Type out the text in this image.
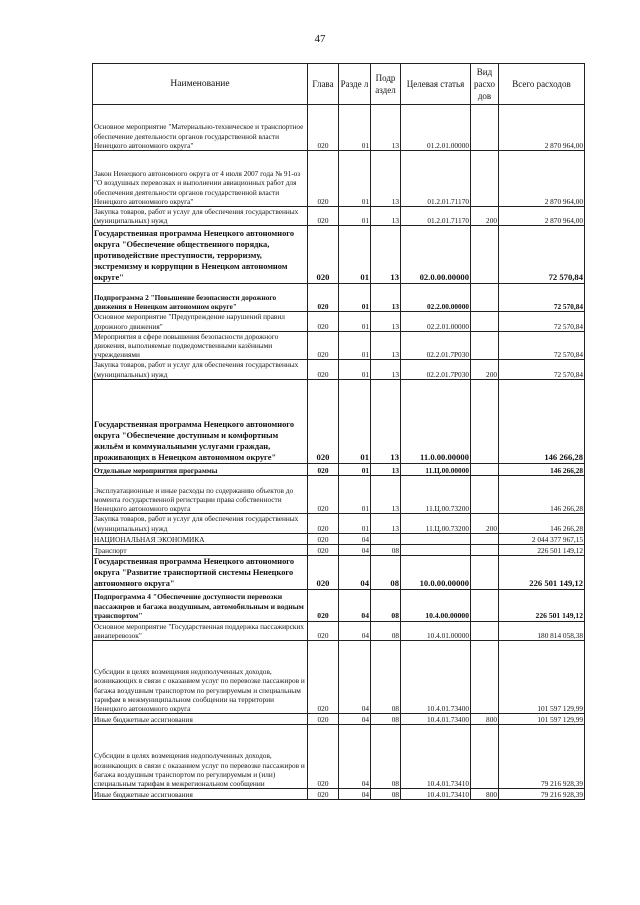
47
Наименование	Глава	Разде л	Подр аздел	Целевая статья	Вид расхо дов	Всего расходов
Основное мероприятие "Материально-техническое и транспортное обеспечение деятельности органов государственной власти Ненецкого автономного округа"	020	01	13	01.2.01.00000		2 870 964,00
Закон Ненецкого автономного округа от 4 июля 2007 года № 91-оз "О воздушных перевозках и выполнении авиационных работ для обеспечения деятельности органов государственной власти Ненецкого автономного округа"	020	01	13	01.2.01.71170		2 870 964,00
Закупка товаров, работ и услуг для обеспечения государственных (муниципальных) нужд	020	01	13	01.2.01.71170	200	2 870 964,00
Государственная программа Ненецкого автономного округа "Обеспечение общественного порядка, противодействие преступности, терроризму, экстремизму и коррупции в Ненецком автономном округе"	020	01	13	02.0.00.00000		72 570,84
Подпрограмма 2 "Повышение безопасности дорожного движения в Ненецком автономном округе"	020	01	13	02.2.00.00000		72 570,84
Основное мероприятие "Предупреждение нарушений правил дорожного движения"	020	01	13	02.2.01.00000		72 570,84
Мероприятия в сфере повышения безопасности дорожного движения, выполняемые подведомственными казёнными учреждениями	020	01	13	02.2.01.7Р030		72 570,84
Закупка товаров, работ и услуг для обеспечения государственных (муниципальных) нужд	020	01	13	02.2.01.7Р030	200	72 570,84
Государственная программа Ненецкого автономного округа "Обеспечение доступным и комфортным жильём и коммунальными услугами граждан, проживающих в Ненецком автономном округе"	020	01	13	11.0.00.00000		146 266,28
Отдельные мероприятия программы	020	01	13	11.Ц.00.00000		146 266,28
Эксплуатационные и иные расходы по содержанию объектов до момента государственной регистрации права собственности Ненецкого автономного округа	020	01	13	11.Ц.00.73200		146 266,28
Закупка товаров, работ и услуг для обеспечения государственных (муниципальных) нужд	020	01	13	11.Ц.00.73200	200	146 266,28
НАЦИОНАЛЬНАЯ ЭКОНОМИКА	020	04				2 044 377 967,15
Транспорт	020	04	08			226 501 149,12
Государственная программа Ненецкого автономного округа "Развитие транспортной системы Ненецкого автономного округа"	020	04	08	10.0.00.00000		226 501 149,12
Подпрограмма 4 "Обеспечение доступности перевозки пассажиров и багажа воздушным, автомобильным и водным транспортом"	020	04	08	10.4.00.00000		226 501 149,12
Основное мероприятие "Государственная поддержка пассажирских авиаперевозок"	020	04	08	10.4.01.00000		180 814 058,38
Субсидии в целях возмещения недополученных доходов, возникающих в связи с оказанием услуг по перевозке пассажиров и багажа воздушным транспортом по регулируемым и специальным тарифам в межмуниципальном сообщении на территории Ненецкого автономного округа	020	04	08	10.4.01.73400		101 597 129,99
Иные бюджетные ассигнования	020	04	08	10.4.01.73400	800	101 597 129,99
Субсидии в целях возмещения недополученных доходов, возникающих в связи с оказанием услуг по перевозке пассажиров и багажа воздушным транспортом по регулируемым и (или) специальным тарифам в межрегиональном сообщении	020	04	08	10.4.01.73410		79 216 928,39
Иные бюджетные ассигнования	020	04	08	10.4.01.73410	800	79 216 928,39
